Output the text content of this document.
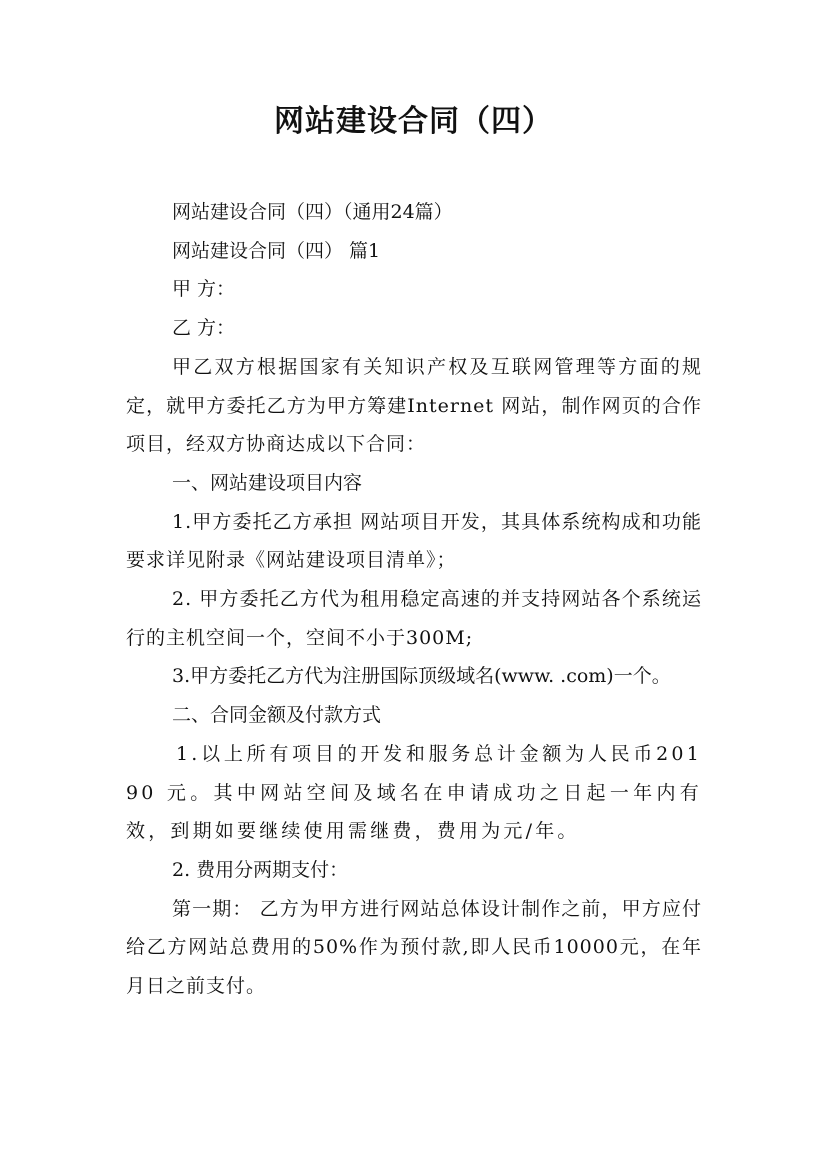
网站建设合同（四）

网站建设合同（四）（通用24篇）

网站建设合同（四） 篇1

甲 方：

乙 方：

甲乙双方根据国家有关知识产权及互联网管理等方面的规定，就甲方委托乙方为甲方筹建Internet 网站，制作网页的合作项目，经双方协商达成以下合同：

一、网站建设项目内容

1.甲方委托乙方承担 网站项目开发，其具体系统构成和功能要求详见附录《网站建设项目清单》；

2. 甲方委托乙方代为租用稳定高速的并支持网站各个系统运行的主机空间一个，空间不小于300M;

3.甲方委托乙方代为注册国际顶级域名(www. .com)一个。

二、合同金额及付款方式

1.以上所有项目的开发和服务总计金额为人民币20190 元。其中网站空间及域名在申请成功之日起一年内有效，到期如要继续使用需继费，费用为元/年。

2. 费用分两期支付：

第一期： 乙方为甲方进行网站总体设计制作之前，甲方应付给乙方网站总费用的50%作为预付款,即人民币10000元，在年月日之前支付。
